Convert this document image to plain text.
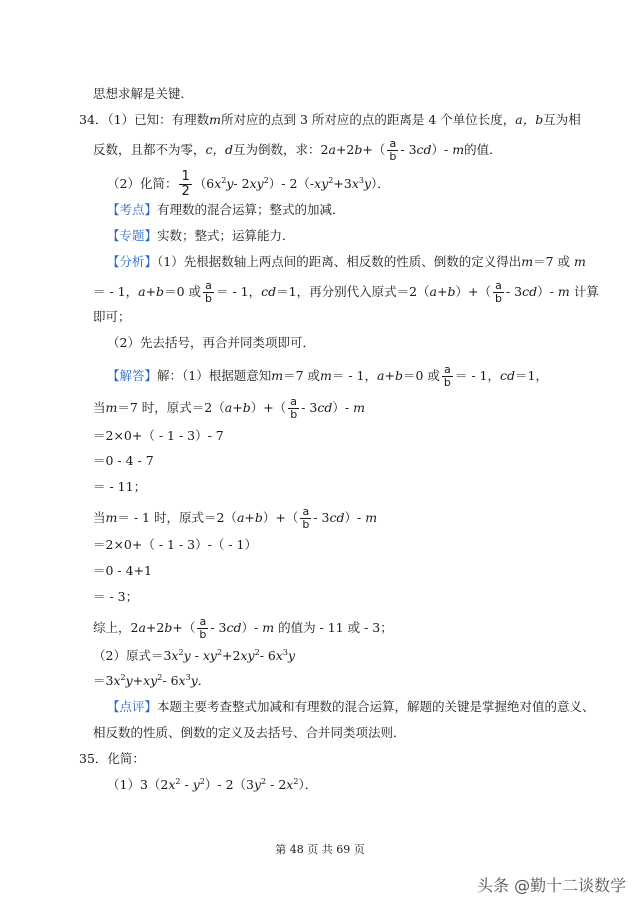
思想求解是关键．
34．（1）已知：有理数m所对应的点到 3 所对应的点的距离是 4 个单位长度，a，b互为相
反数，且都不为零，c，d互为倒数，求：$2a+2b+( \frac{a}{b} - 3cd)-$ m的值．
（2）化简： $\frac{1}{2} (6x^2y-$ $2xy^2)-$ $2(-xy^2+3x^3y)$．
【考点】有理数的混合运算；整式的加减．
【专题】实数；整式；运算能力．
【分析】（1）先根据数轴上两点间的距离、相反数的性质、倒数的定义得出m＝7 或 m
＝ - 1，a+b＝0 或 $\frac{a}{b}$ ＝ - 1，cd＝1，再分别代入原式$=2(a+b)+( \frac{a}{b} - 3cd)-$ m 计算
即可；
（2）先去括号，再合并同类项即可．
【解答】解：（1）根据题意知m＝7 或m＝ - 1，a+b＝0 或 $\frac{a}{b}$ ＝ - 1，cd＝1，
当m＝7 时，原式$=2(a+b)+( \frac{a}{b} - 3cd)-$ m
＝2×0+（ - 1 - 3）- 7
＝0 - 4 - 7
＝ - 11；
当m＝ - 1 时，原式$=2(a+b)+( \frac{a}{b} - 3cd)-$ m
＝2×0+（ - 1 - 3）-（ - 1）
＝0 - 4+1
＝ - 3；
综上，$2a+2b+( \frac{a}{b} - 3cd)-$ m 的值为 - 11 或 - 3；
（2）原式$=3x^2y - xy^2+2xy^2-$ $6x^3y$
$=3x^2y+xy^2-$ $6x^3y$．
【点评】本题主要考查整式加减和有理数的混合运算，解题的关键是掌握绝对值的意义、
相反数的性质、倒数的定义及去括号、合并同类项法则．
35．化简：
$(1)3(2x^2 - y^2)-$ $2(3y^2 - 2x^2)$．
第 48 页 共 69 页
头条 @勤十二谈数学
